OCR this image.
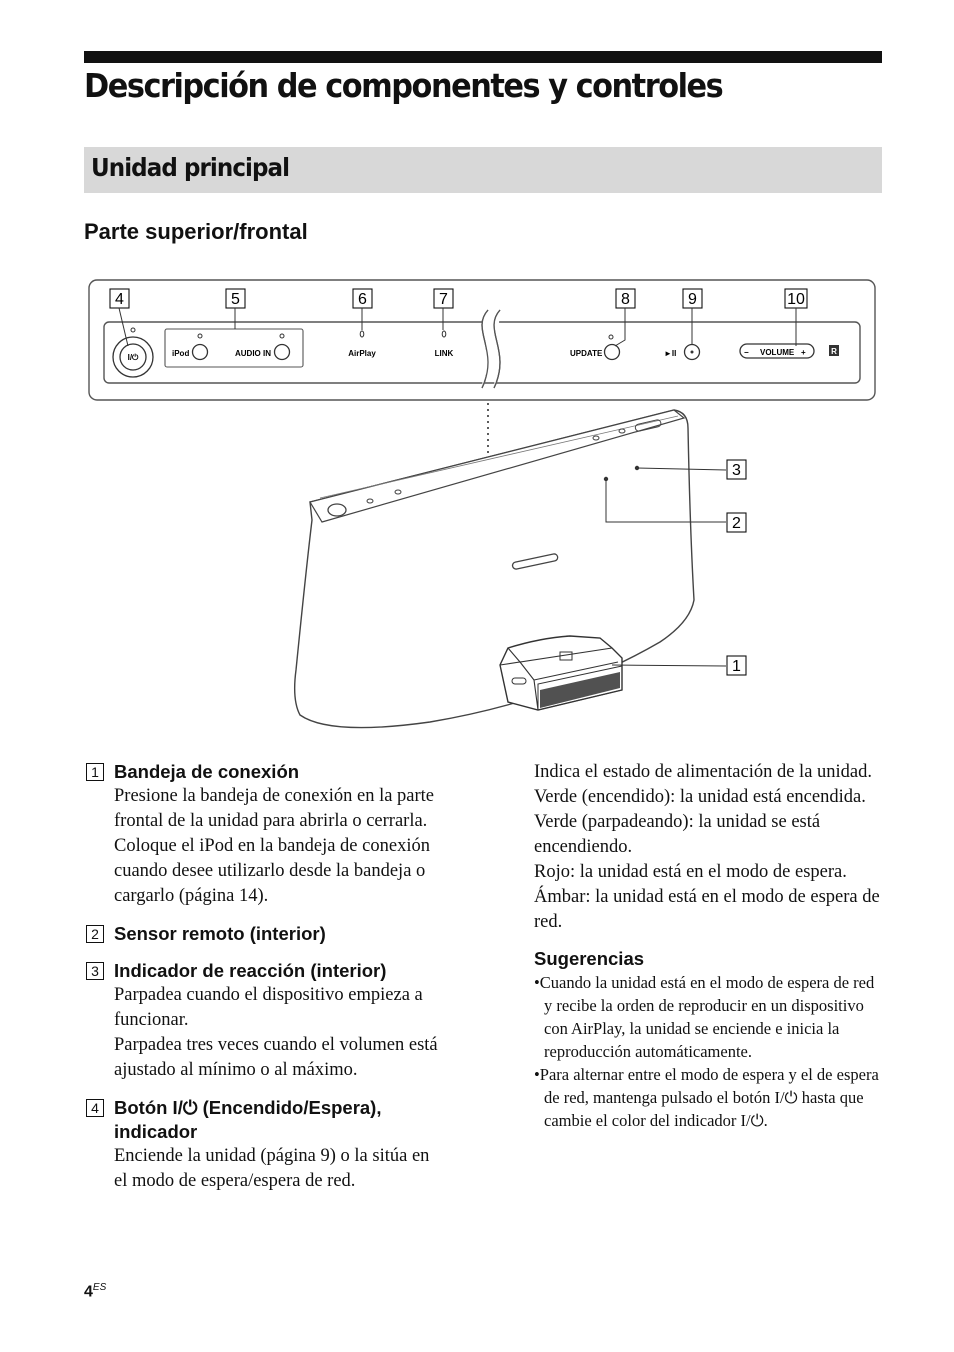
Descripción de componentes y controles
Unidad principal
Parte superior/frontal
I/⏻	iPod	AUDIO IN	AirPlay	LINK	UPDATE	►II	− VOLUME +	R
4	5	6	7	8	9	10
3
2
1
1 Bandeja de conexión
Presione la bandeja de conexión en la parte frontal de la unidad para abrirla o cerrarla. Coloque el iPod en la bandeja de conexión cuando desee utilizarlo desde la bandeja o cargarlo (página 14).
2 Sensor remoto (interior)
3 Indicador de reacción (interior)
Parpadea cuando el dispositivo empieza a funcionar.
Parpadea tres veces cuando el volumen está ajustado al mínimo o al máximo.
4 Botón I/⏻ (Encendido/Espera), indicador
Enciende la unidad (página 9) o la sitúa en el modo de espera/espera de red.
Indica el estado de alimentación de la unidad.
Verde (encendido): la unidad está encendida.
Verde (parpadeando): la unidad se está encendiendo.
Rojo: la unidad está en el modo de espera.
Ámbar: la unidad está en el modo de espera de red.
Sugerencias
•Cuando la unidad está en el modo de espera de red y recibe la orden de reproducir en un dispositivo con AirPlay, la unidad se enciende e inicia la reproducción automáticamente.
•Para alternar entre el modo de espera y el de espera de red, mantenga pulsado el botón I/⏻ hasta que cambie el color del indicador I/⏻.
$4^{ES}$
